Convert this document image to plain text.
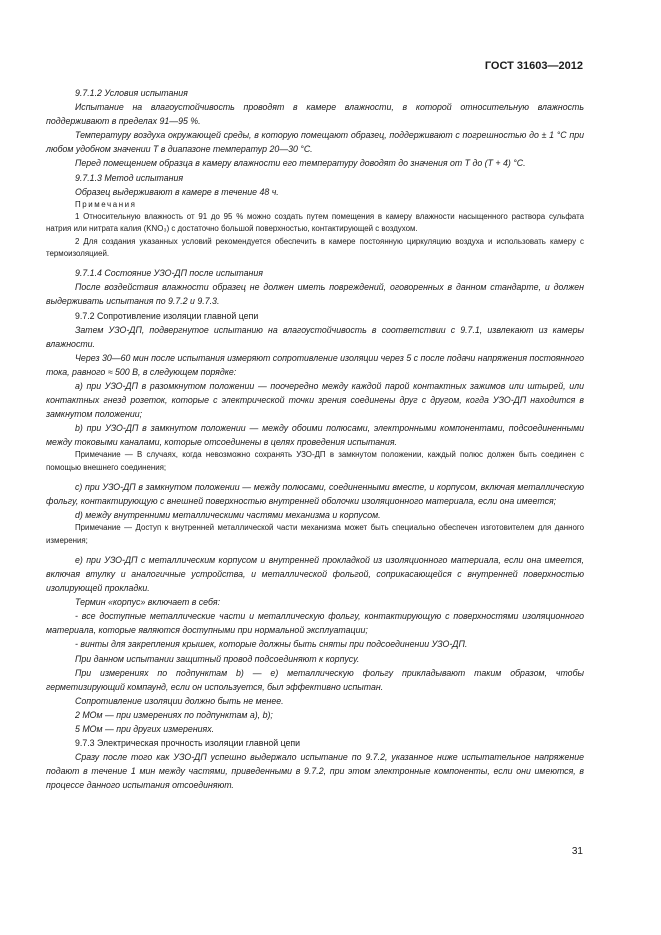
ГОСТ 31603—2012

9.7.1.2 Условия испытания

Испытание на влагоустойчивость проводят в камере влажности, в которой относительную влажность поддерживают в пределах 91—95 %.

Температуру воздуха окружающей среды, в которую помещают образец, поддерживают с погрешностью до ± 1 °С при любом удобном значении Т в диапазоне температур 20—30 °С.

Перед помещением образца в камеру влажности его температуру доводят до значения от Т до (Т + 4) °С.

9.7.1.3 Метод испытания

Образец выдерживают в камере в течение 48 ч.

Примечания

1 Относительную влажность от 91 до 95 % можно создать путем помещения в камеру влажности насыщенного раствора сульфата натрия или нитрата калия (KNO₃) с достаточно большой поверхностью, контактирующей с воздухом.

2 Для создания указанных условий рекомендуется обеспечить в камере постоянную циркуляцию воздуха и использовать камеру с термоизоляцией.

9.7.1.4 Состояние УЗО-ДП после испытания

После воздействия влажности образец не должен иметь повреждений, оговоренных в данном стандарте, и должен выдерживать испытания по 9.7.2 и 9.7.3.

9.7.2 Сопротивление изоляции главной цепи

Затем УЗО-ДП, подвергнутое испытанию на влагоустойчивость в соответствии с 9.7.1, извлекают из камеры влажности.

Через 30—60 мин после испытания измеряют сопротивление изоляции через 5 с после подачи напряжения постоянного тока, равного ≈ 500 В, в следующем порядке:

a) при УЗО-ДП в разомкнутом положении — поочередно между каждой парой контактных зажимов или штырей, или контактных гнезд розеток, которые с электрической точки зрения соединены друг с другом, когда УЗО-ДП находится в замкнутом положении;

b) при УЗО-ДП в замкнутом положении — между обоими полюсами, электронными компонентами, подсоединенными между токовыми каналами, которые отсоединены в целях проведения испытания.

Примечание — В случаях, когда невозможно сохранять УЗО-ДП в замкнутом положении, каждый полюс должен быть соединен с помощью внешнего соединения;

c) при УЗО-ДП в замкнутом положении — между полюсами, соединенными вместе, и корпусом, включая металлическую фольгу, контактирующую с внешней поверхностью внутренней оболочки изоляционного материала, если она имеется;

d) между внутренними металлическими частями механизма и корпусом.

Примечание — Доступ к внутренней металлической части механизма может быть специально обеспечен изготовителем для данного измерения;

e) при УЗО-ДП с металлическим корпусом и внутренней прокладкой из изоляционного материала, если она имеется, включая втулку и аналогичные устройства, и металлической фольгой, соприкасающейся с внутренней поверхностью изолирующей прокладки.

Термин «корпус» включает в себя:

- все доступные металлические части и металлическую фольгу, контактирующую с поверхностями изоляционного материала, которые являются доступными при нормальной эксплуатации;

- винты для закрепления крышек, которые должны быть сняты при подсоединении УЗО-ДП.

При данном испытании защитный провод подсоединяют к корпусу.

При измерениях по подпунктам b) — e) металлическую фольгу прикладывают таким образом, чтобы герметизирующий компаунд, если он используется, был эффективно испытан.

Сопротивление изоляции должно быть не менее.

2 МОм — при измерениях по подпунктам a), b);

5 МОм — при других измерениях.

9.7.3 Электрическая прочность изоляции главной цепи

Сразу после того как УЗО-ДП успешно выдержало испытание по 9.7.2, указанное ниже испытательное напряжение подают в течение 1 мин между частями, приведенными в 9.7.2, при этом электронные компоненты, если они имеются, в процессе данного испытания отсоединяют.

31
